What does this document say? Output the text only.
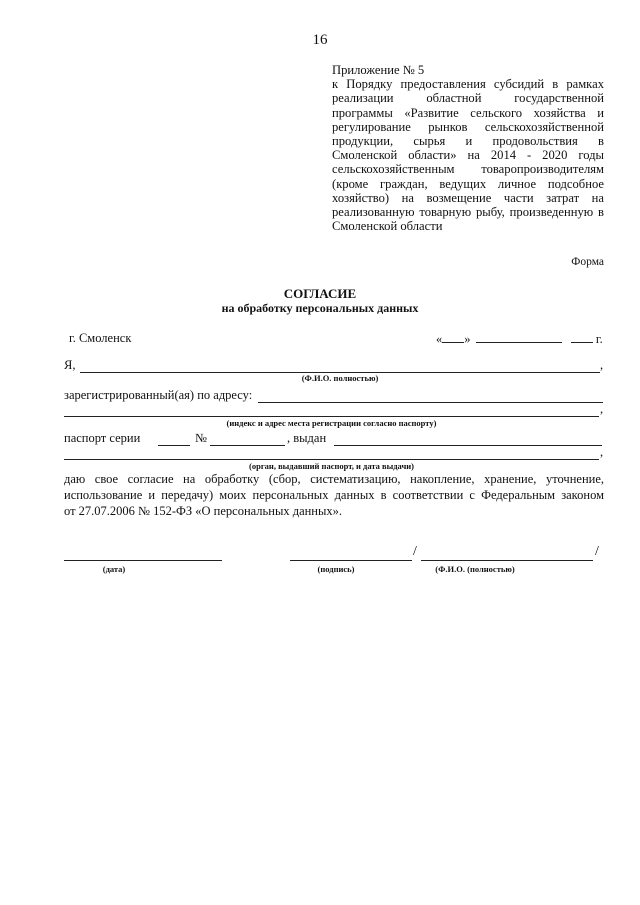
16
Приложение № 5
к Порядку предоставления субсидий в рамках
реализации областной государственной
программы «Развитие сельского хозяйства и
регулирование рынков сельскохозяйственной
продукции, сырья и продовольствия в
Смоленской области» на 2014 - 2020 годы
сельскохозяйственным товаропроизводителям
(кроме граждан, ведущих личное подсобное
хозяйство) на возмещение части затрат на
реализованную товарную рыбу, произведенную в
Смоленской области
Форма
СОГЛАСИЕ
на обработку персональных данных
г. Смоленск	« »	г.
Я,	,
(Ф.И.О. полностью)
зарегистрированный(ая) по адресу:
,
(индекс и адрес места регистрации согласно паспорту)
паспорт серии	№	, выдан
,
(орган, выдавший паспорт, и дата выдачи)
даю свое согласие на обработку (сбор, систематизацию, накопление, хранение, уточнение,
использование и передачу) моих персональных данных в соответствии с Федеральным законом
от 27.07.2006 № 152-ФЗ «О персональных данных».
(дата)
/	/
(подпись)	(Ф.И.О. (полностью)
